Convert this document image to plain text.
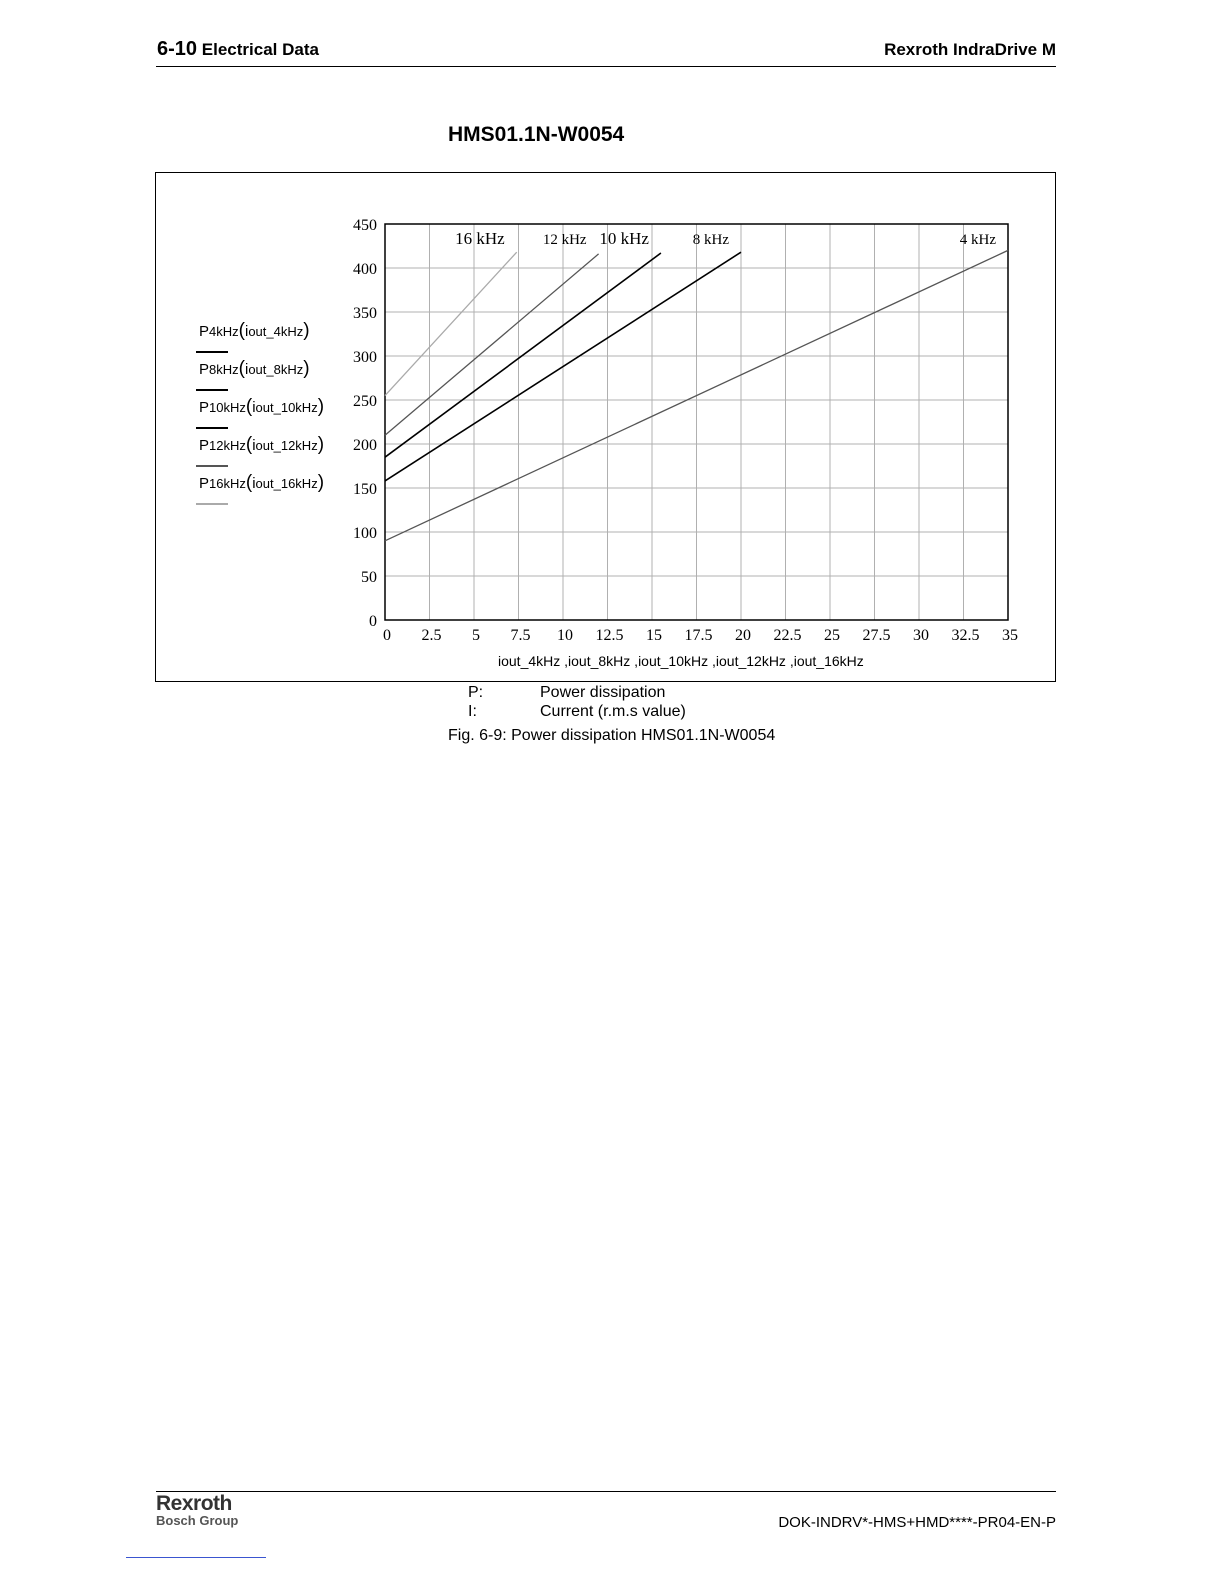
6-10 Electrical Data	Rexroth IndraDrive M
HMS01.1N-W0054
0 2.5 5 7.5 10 12.5 15 17.5 20 22.5 25 27.5 30 32.5 35
0
50
100
150
200
250
300
350
400
450
4 kHz
8 kHz
10 kHz
12 kHz
16 kHz
P4kHz(iout_4kHz)
P8kHz(iout_8kHz)
P10kHz(iout_10kHz)
P12kHz(iout_12kHz)
P16kHz(iout_16kHz)
iout_4kHz ,iout_8kHz ,iout_10kHz ,iout_12kHz ,iout_16kHz
P:	Power dissipation
I:	Current (r.m.s value)
Fig. 6-9: Power dissipation HMS01.1N-W0054
Rexroth
Bosch Group	DOK-INDRV*-HMS+HMD****-PR04-EN-P
